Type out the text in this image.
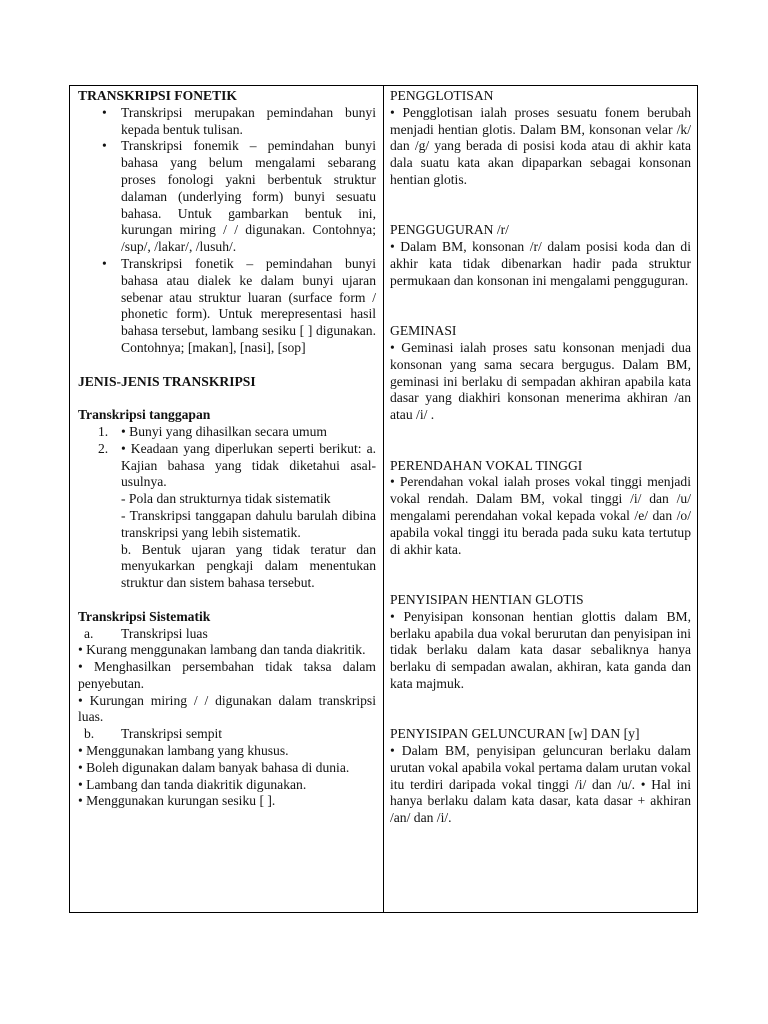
TRANSKRIPSI FONETIK
• Transkripsi merupakan pemindahan bunyi kepada bentuk tulisan.
• Transkripsi fonemik – pemindahan bunyi bahasa yang belum mengalami sebarang proses fonologi yakni berbentuk struktur dalaman (underlying form) bunyi sesuatu bahasa. Untuk gambarkan bentuk ini, kurungan miring / / digunakan. Contohnya; /sup/, /lakar/, /lusuh/.
• Transkripsi fonetik – pemindahan bunyi bahasa atau dialek ke dalam bunyi ujaran sebenar atau struktur luaran (surface form / phonetic form). Untuk merepresentasi hasil bahasa tersebut, lambang sesiku [ ] digunakan. Contohnya; [makan], [nasi], [sop]
JENIS-JENIS TRANSKRIPSI
Transkripsi tanggapan
1. • Bunyi yang dihasilkan secara umum
2. • Keadaan yang diperlukan seperti berikut: a. Kajian bahasa yang tidak diketahui asal-usulnya.
- Pola dan strukturnya tidak sistematik
- Transkripsi tanggapan dahulu barulah dibina transkripsi yang lebih sistematik.
b. Bentuk ujaran yang tidak teratur dan menyukarkan pengkaji dalam menentukan struktur dan sistem bahasa tersebut.
Transkripsi Sistematik
a. Transkripsi luas
• Kurang menggunakan lambang dan tanda diakritik.
• Menghasilkan persembahan tidak taksa dalam penyebutan.
• Kurungan miring / / digunakan dalam transkripsi luas.
b. Transkripsi sempit
• Menggunakan lambang yang khusus.
• Boleh digunakan dalam banyak bahasa di dunia.
• Lambang dan tanda diakritik digunakan.
• Menggunakan kurungan sesiku [ ].
PENGGLOTISAN
• Pengglotisan ialah proses sesuatu fonem berubah menjadi hentian glotis. Dalam BM, konsonan velar /k/ dan /g/ yang berada di posisi koda atau di akhir kata dala suatu kata akan dipaparkan sebagai konsonan hentian glotis.
PENGGUGURAN /r/
• Dalam BM, konsonan /r/ dalam posisi koda dan di akhir kata tidak dibenarkan hadir pada struktur permukaan dan konsonan ini mengalami pengguguran.
GEMINASI
• Geminasi ialah proses satu konsonan menjadi dua konsonan yang sama secara bergugus. Dalam BM, geminasi ini berlaku di sempadan akhiran apabila kata dasar yang diakhiri konsonan menerima akhiran /an atau /i/ .
PERENDAHAN VOKAL TINGGI
• Perendahan vokal ialah proses vokal tinggi menjadi vokal rendah. Dalam BM, vokal tinggi /i/ dan /u/ mengalami perendahan vokal kepada vokal /e/ dan /o/ apabila vokal tinggi itu berada pada suku kata tertutup di akhir kata.
PENYISIPAN HENTIAN GLOTIS
• Penyisipan konsonan hentian glottis dalam BM, berlaku apabila dua vokal berurutan dan penyisipan ini tidak berlaku dalam kata dasar sebaliknya hanya berlaku di sempadan awalan, akhiran, kata ganda dan kata majmuk.
PENYISIPAN GELUNCURAN [w] DAN [y]
• Dalam BM, penyisipan geluncuran berlaku dalam urutan vokal apabila vokal pertama dalam urutan vokal itu terdiri daripada vokal tinggi /i/ dan /u/. • Hal ini hanya berlaku dalam kata dasar, kata dasar + akhiran /an/ dan /i/.
